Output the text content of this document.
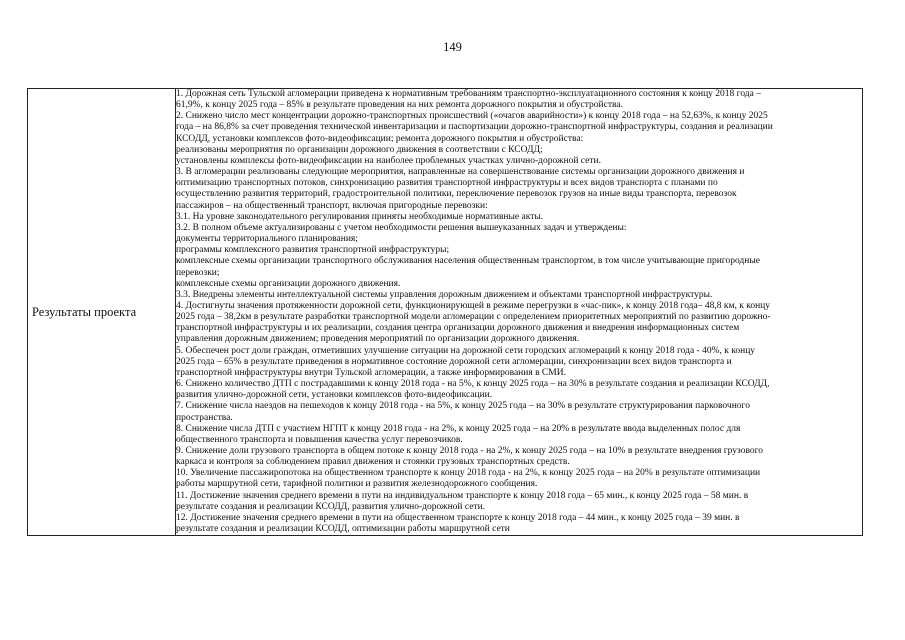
149
Результаты проекта

1. Дорожная сеть Тульской агломерации приведена к нормативным требованиям транспортно-эксплуатационного состояния к концу 2018 года –
61,9%, к концу 2025 года – 85% в результате проведения на них ремонта дорожного покрытия и обустройства.
2. Снижено число мест концентрации дорожно-транспортных происшествий («очагов аварийности») к концу 2018 года – на 52,63%, к концу 2025
года – на 86,8% за счет проведения технической инвентаризации и паспортизации дорожно-транспортной инфраструктуры, создания и реализации
КСОДД, установки комплексов фото-видеофиксации; ремонта дорожного покрытия и обустройства:
реализованы мероприятия по организации дорожного движения в соответствии с КСОДД;
установлены комплексы фото-видеофиксации на наиболее проблемных участках улично-дорожной сети.
3. В агломерации реализованы следующие мероприятия, направленные на совершенствование системы организации дорожного движения и
оптимизацию транспортных потоков, синхронизацию развития транспортной инфраструктуры и всех видов транспорта с планами по
осуществлению развития территорий, градостроительной политики, переключение перевозок грузов на иные виды транспорта, перевозок
пассажиров – на общественный транспорт, включая пригородные перевозки:
3.1. На уровне законодательного регулирования приняты необходимые нормативные акты.
3.2. В полном объеме актуализированы с учетом необходимости решения вышеуказанных задач и утверждены:
документы территориального планирования;
программы комплексного развития транспортной инфраструктуры;
комплексные схемы организации транспортного обслуживания населения общественным транспортом, в том числе учитывающие пригородные
перевозки;
комплексные схемы организации дорожного движения.
3.3. Внедрены элементы интеллектуальной системы управления дорожным движением и объектами транспортной инфраструктуры.
4. Достигнуты значения протяженности дорожной сети, функционирующей в режиме перегрузки в «час-пик», к концу 2018 года– 48,8 км, к концу
2025 года – 38,2км в результате разработки транспортной модели агломерации с определением приоритетных мероприятий по развитию дорожно-
транспортной инфраструктуры и их реализации, создания центра организации дорожного движения и внедрения информационных систем
управления дорожным движением; проведения мероприятий по организации дорожного движения.
5. Обеспечен рост доли граждан, отметивших улучшение ситуации на дорожной сети городских агломераций к концу 2018 года - 40%, к концу
2025 года – 65% в результате приведения в нормативное состояние дорожной сети агломерации, синхронизации всех видов транспорта и
транспортной инфраструктуры внутри Тульской агломерации, а также информирования в СМИ.
6. Снижено количество ДТП с пострадавшими к концу 2018 года - на 5%, к концу 2025 года – на 30% в результате создания и реализации КСОДД,
развития улично-дорожной сети, установки комплексов фото-видеофиксации.
7. Снижение числа наездов на пешеходов к концу 2018 года - на 5%, к концу 2025 года – на 30% в результате структурирования парковочного
пространства.
8. Снижение числа ДТП с участием НГПТ к концу 2018 года - на 2%, к концу 2025 года – на 20% в результате ввода выделенных полос для
общественного транспорта и повышения качества услуг перевозчиков.
9. Снижение доли грузового транспорта в общем потоке к концу 2018 года - на 2%, к концу 2025 года – на 10% в результате внедрения грузового
каркаса и контроля за соблюдением правил движения и стоянки грузовых транспортных средств.
10. Увеличение пассажиропотока на общественном транспорте к концу 2018 года - на 2%, к концу 2025 года – на 20% в результате оптимизации
работы маршрутной сети, тарифной политики и развития железнодорожного сообщения.
11. Достижение значения среднего времени в пути на индивидуальном транспорте к концу 2018 года – 65 мин., к концу 2025 года – 58 мин. в
результате создания и реализации КСОДД, развития улично-дорожной сети.
12. Достижение значения среднего времени в пути на общественном транспорте к концу 2018 года – 44 мин., к концу 2025 года – 39 мин. в
результате создания и реализации КСОДД, оптимизации работы маршрутной сети
